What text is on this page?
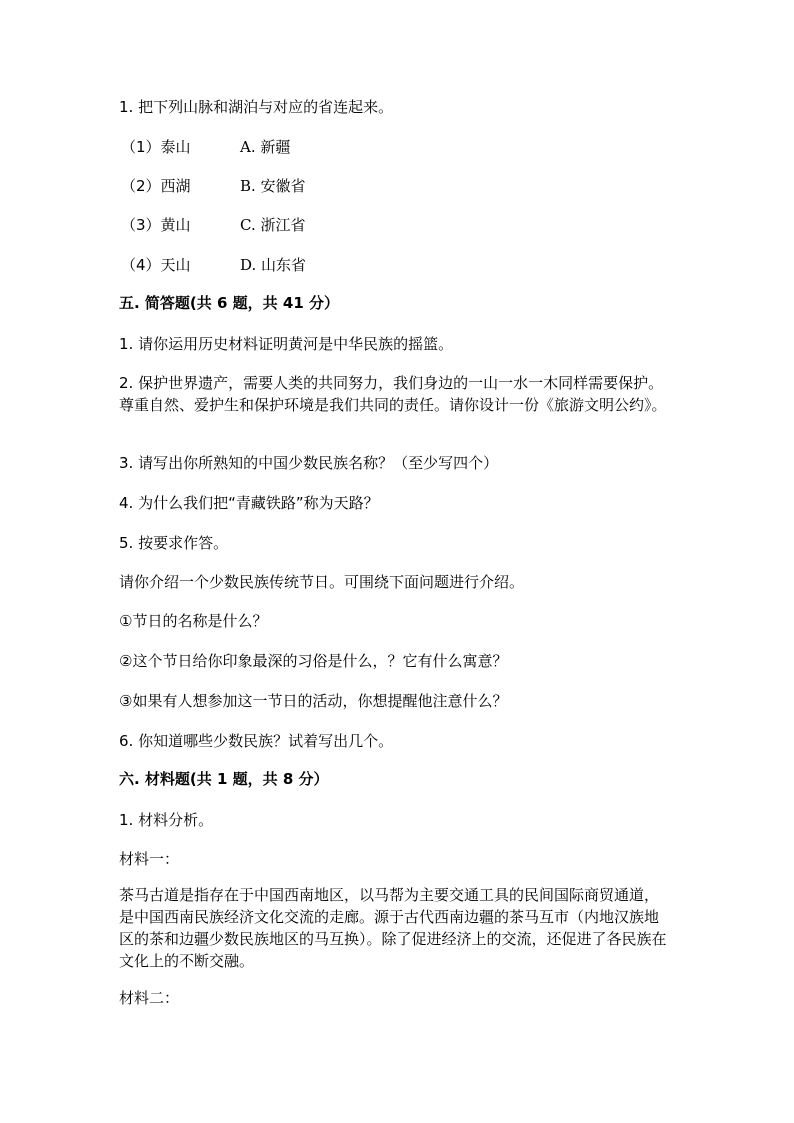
1. 把下列山脉和湖泊与对应的省连起来。
（1）泰山	A. 新疆
（2）西湖	B. 安徽省
（3）黄山	C. 浙江省
（4）天山	D. 山东省
五. 简答题(共 6 题，共 41 分）
1. 请你运用历史材料证明黄河是中华民族的摇篮。
2. 保护世界遗产，需要人类的共同努力，我们身边的一山一水一木同样需要保护。尊重自然、爱护生和保护环境是我们共同的责任。请你设计一份《旅游文明公约》。
3. 请写出你所熟知的中国少数民族名称？（至少写四个）
4. 为什么我们把“青藏铁路”称为天路？
5. 按要求作答。
请你介绍一个少数民族传统节日。可围绕下面问题进行介绍。
①节日的名称是什么？
②这个节日给你印象最深的习俗是什么，？它有什么寓意？
③如果有人想参加这一节日的活动，你想提醒他注意什么？
6. 你知道哪些少数民族？试着写出几个。
六. 材料题(共 1 题，共 8 分）
1. 材料分析。
材料一：
茶马古道是指存在于中国西南地区，以马帮为主要交通工具的民间国际商贸通道，是中国西南民族经济文化交流的走廊。源于古代西南边疆的茶马互市（内地汉族地区的茶和边疆少数民族地区的马互换）。除了促进经济上的交流，还促进了各民族在文化上的不断交融。
材料二：
